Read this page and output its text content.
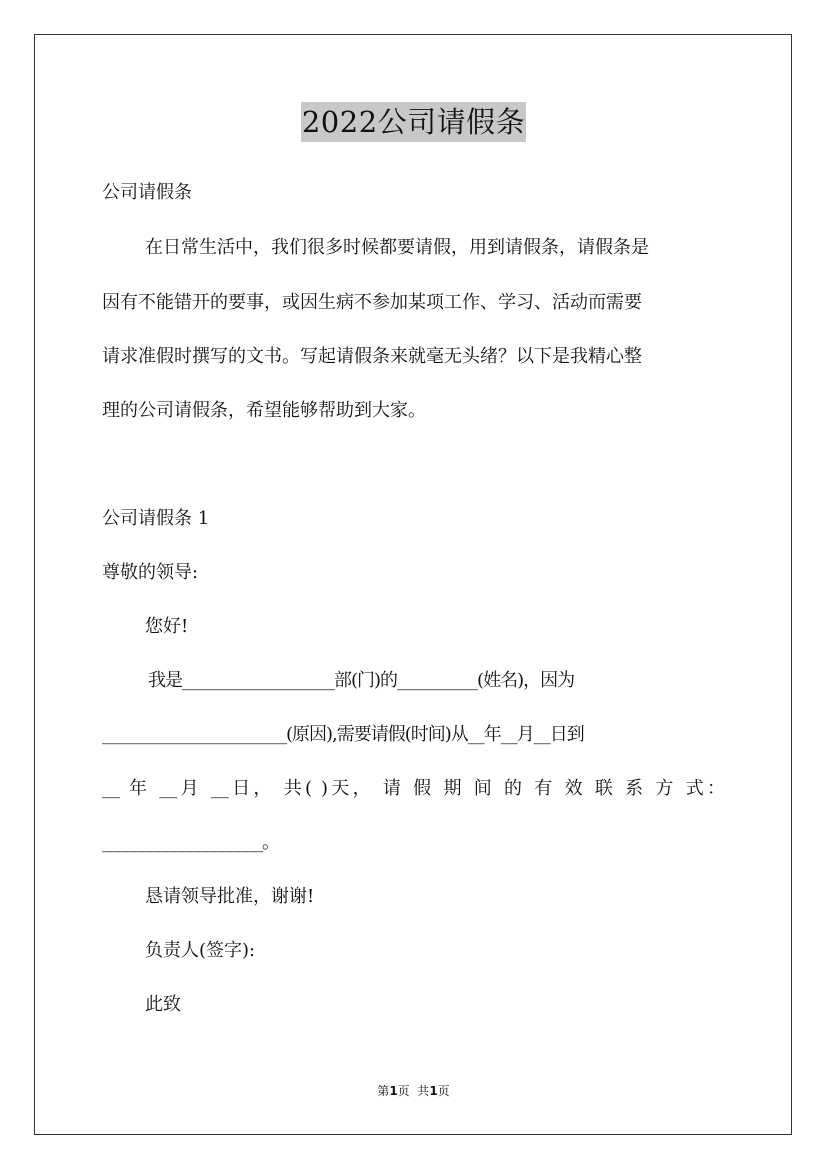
2022公司请假条
公司请假条
在日常生活中，我们很多时候都要请假，用到请假条，请假条是
因有不能错开的要事，或因生病不参加某项工作、学习、活动而需要
请求准假时撰写的文书。写起请假条来就毫无头绪？以下是我精心整
理的公司请假条，希望能够帮助到大家。
公司请假条 1
尊敬的领导:
您好!
我是___________________部(门)的__________(姓名)，因为
_______________________(原因),需要请假(时间)从__年__月__日到
__ 年 __月 __日， 共( )天， 请 假 期 间 的 有 效 联 系 方 式：
____________________。
恳请领导批准，谢谢!
负责人(签字):
此致
第1页  共1页
